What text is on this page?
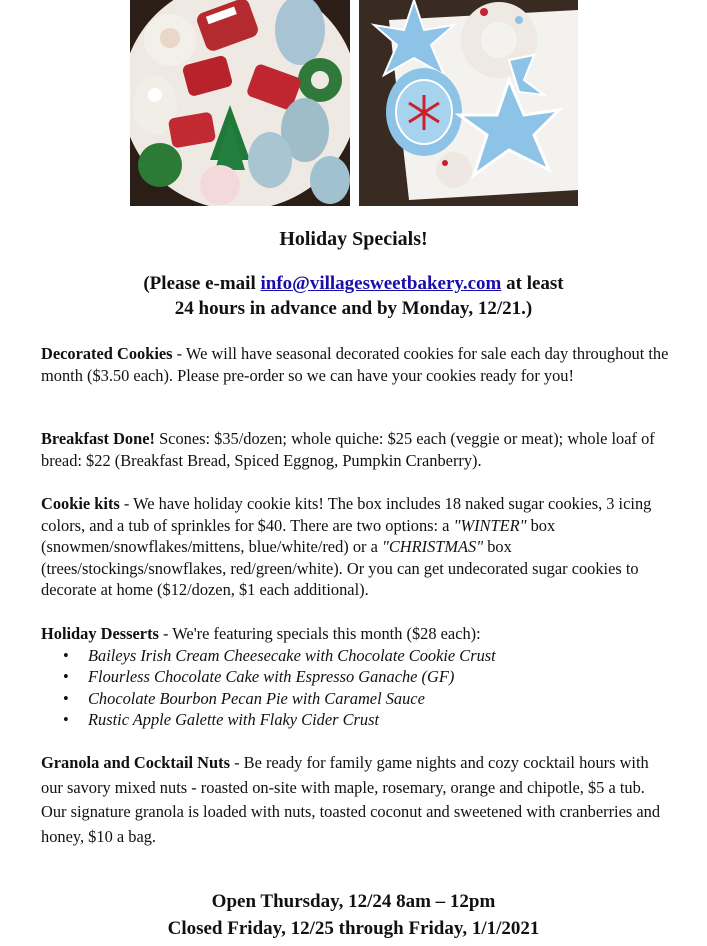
Holiday Specials!
(Please e-mail info@villagesweetbakery.com at least
24 hours in advance and by Monday, 12/21.)
Decorated Cookies - We will have seasonal decorated cookies for sale each day throughout the month ($3.50 each). Please pre-order so we can have your cookies ready for you!
Breakfast Done! Scones: $35/dozen; whole quiche: $25 each (veggie or meat); whole loaf of bread: $22 (Breakfast Bread, Spiced Eggnog, Pumpkin Cranberry).
Cookie kits - We have holiday cookie kits! The box includes 18 naked sugar cookies, 3 icing colors, and a tub of sprinkles for $40. There are two options: a "WINTER" box (snowmen/snowflakes/mittens, blue/white/red) or a "CHRISTMAS" box (trees/stockings/snowflakes, red/green/white). Or you can get undecorated sugar cookies to decorate at home ($12/dozen, $1 each additional).
Holiday Desserts - We're featuring specials this month ($28 each):
• Baileys Irish Cream Cheesecake with Chocolate Cookie Crust
• Flourless Chocolate Cake with Espresso Ganache (GF)
• Chocolate Bourbon Pecan Pie with Caramel Sauce
• Rustic Apple Galette with Flaky Cider Crust
Granola and Cocktail Nuts - Be ready for family game nights and cozy cocktail hours with our savory mixed nuts - roasted on-site with maple, rosemary, orange and chipotle, $5 a tub. Our signature granola is loaded with nuts, toasted coconut and sweetened with cranberries and honey, $10 a bag.
Open Thursday, 12/24 8am – 12pm
Closed Friday, 12/25 through Friday, 1/1/2021
